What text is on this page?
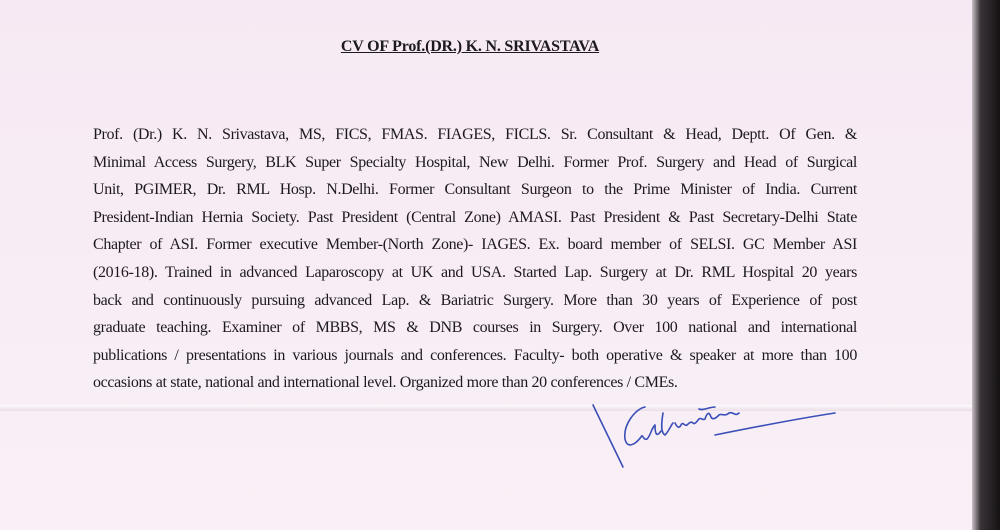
CV OF Prof.(DR.) K. N. SRIVASTAVA
Prof. (Dr.) K. N. Srivastava, MS, FICS, FMAS. FIAGES, FICLS. Sr. Consultant & Head, Deptt. Of Gen. &
Minimal Access Surgery, BLK Super Specialty Hospital, New Delhi. Former Prof. Surgery and Head of Surgical
Unit, PGIMER, Dr. RML Hosp. N.Delhi. Former Consultant Surgeon to the Prime Minister of India. Current
President-Indian Hernia Society. Past President (Central Zone) AMASI. Past President & Past Secretary-Delhi State
Chapter of ASI. Former executive Member-(North Zone)- IAGES. Ex. board member of SELSI. GC Member ASI
(2016-18). Trained in advanced Laparoscopy at UK and USA. Started Lap. Surgery at Dr. RML Hospital 20 years
back and continuously pursuing advanced Lap. & Bariatric Surgery. More than 30 years of Experience of post
graduate teaching. Examiner of MBBS, MS & DNB courses in Surgery. Over 100 national and international
publications / presentations in various journals and conferences. Faculty- both operative & speaker at more than 100
occasions at state, national and international level. Organized more than 20 conferences / CMEs.
